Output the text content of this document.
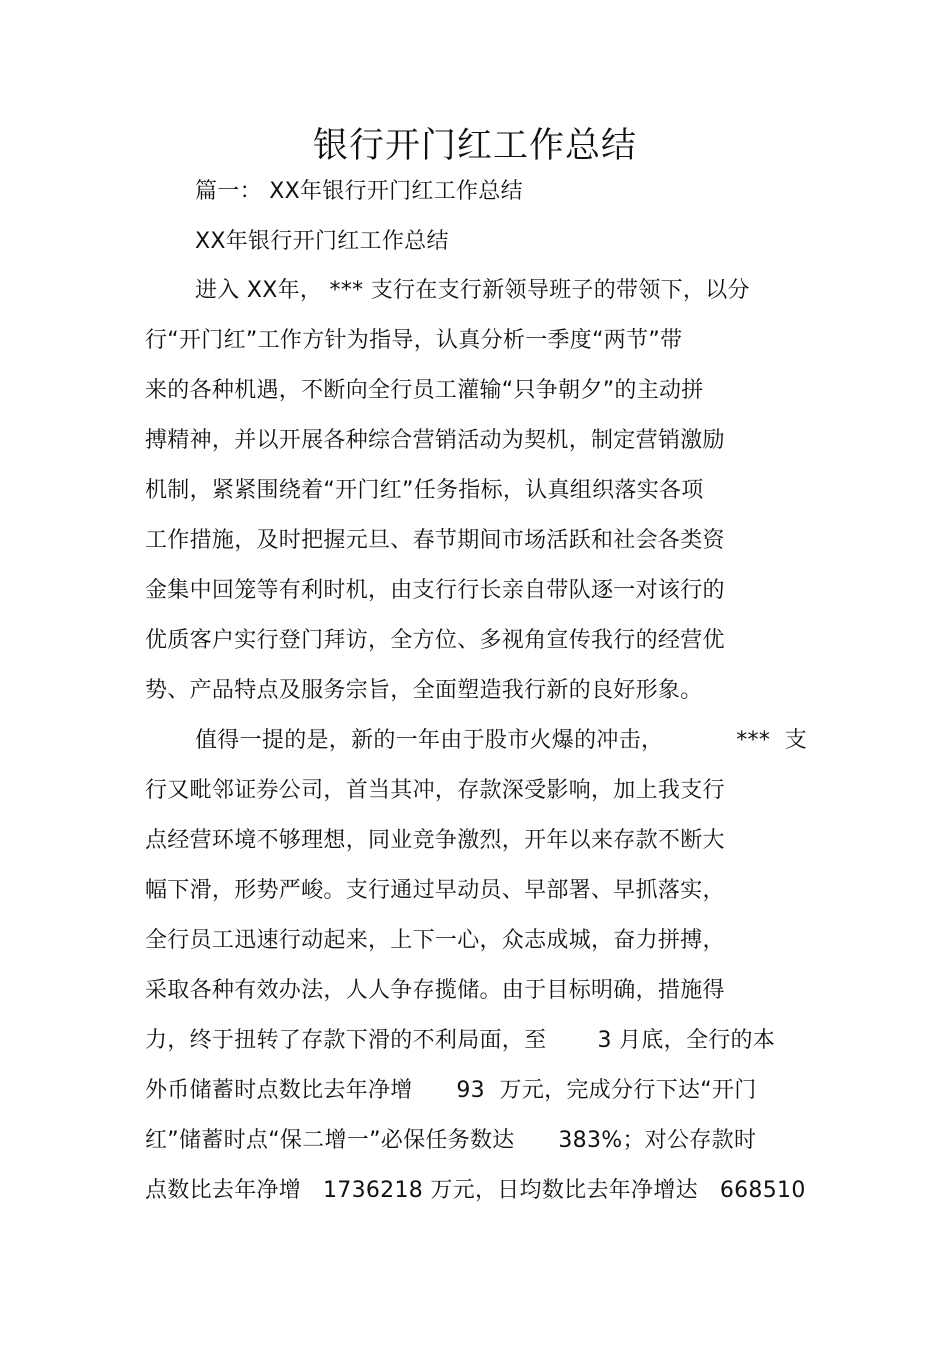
银行开门红工作总结
篇一： XX年银行开门红工作总结
XX年银行开门红工作总结
进入 XX年， *** 支行在支行新领导班子的带领下，以分
行“开门红”工作方针为指导，认真分析一季度“两节”带
来的各种机遇，不断向全行员工灌输“只争朝夕”的主动拼
搏精神，并以开展各种综合营销活动为契机，制定营销激励
机制，紧紧围绕着“开门红”任务指标，认真组织落实各项
工作措施，及时把握元旦、春节期间市场活跃和社会各类资
金集中回笼等有利时机，由支行行长亲自带队逐一对该行的
优质客户实行登门拜访，全方位、多视角宣传我行的经营优
势、产品特点及服务宗旨，全面塑造我行新的良好形象。
值得一提的是，新的一年由于股市火爆的冲击，          ***  支
行又毗邻证券公司，首当其冲，存款深受影响，加上我支行
点经营环境不够理想，同业竞争激烈，开年以来存款不断大
幅下滑，形势严峻。支行通过早动员、早部署、早抓落实，
全行员工迅速行动起来，上下一心，众志成城，奋力拼搏，
采取各种有效办法，人人争存揽储。由于目标明确，措施得
力，终于扭转了存款下滑的不利局面，至       3 月底，全行的本
外币储蓄时点数比去年净增      93  万元，完成分行下达“开门
红”储蓄时点“保二增一”必保任务数达      383%；对公存款时
点数比去年净增   1736218 万元，日均数比去年净增达   668510
